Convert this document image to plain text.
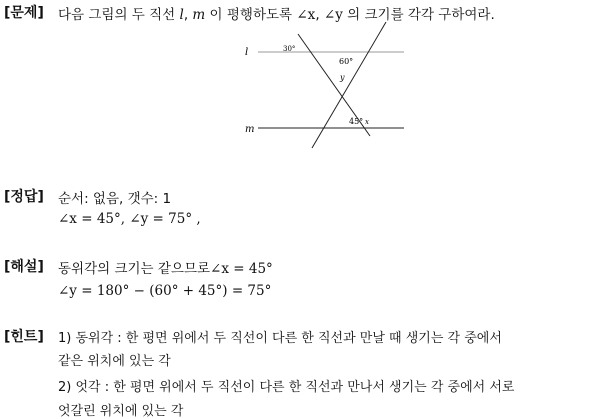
[문제] 다음 그림의 두 직선 l, m 이 평행하도록 ∠x, ∠y 의 크기를 각각 구하여라.
l
m
30°
60°
y
45° x
[정답] 순서: 없음, 갯수: 1
∠x = 45°, ∠y = 75° ,
[해설] 동위각의 크기는 같으므로∠x = 45°
∠y = 180° − (60° + 45°) = 75°
[힌트] 1) 동위각 : 한 평면 위에서 두 직선이 다른 한 직선과 만날 때 생기는 각 중에서
같은 위치에 있는 각
2) 엇각 : 한 평면 위에서 두 직선이 다른 한 직선과 만나서 생기는 각 중에서 서로
엇갈린 위치에 있는 각
